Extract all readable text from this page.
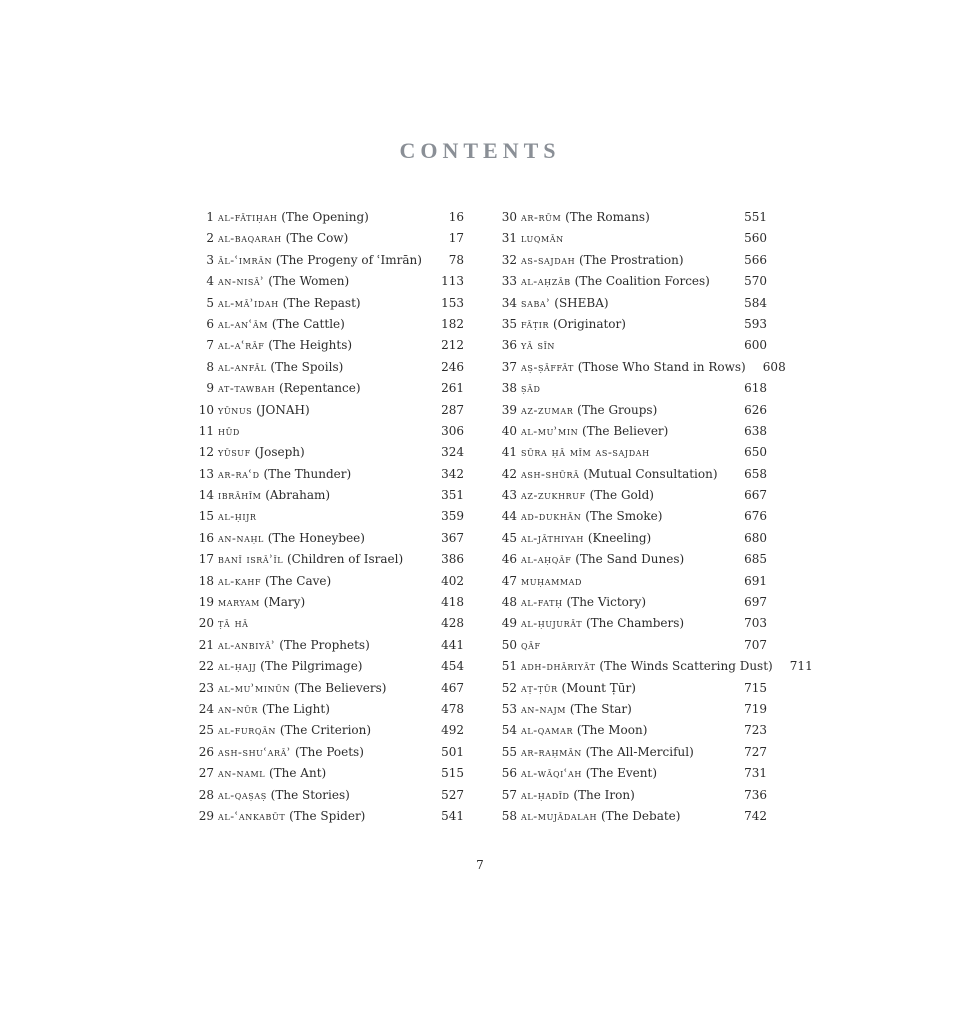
CONTENTS
1 al-fātiḥah (The Opening)	16
2 al-baqarah (The Cow)	17
3 āl-ʿimrān (The Progeny of ʿImrān)	78
4 an-nisāʾ (The Women)	113
5 al-māʾidah (The Repast)	153
6 al-anʿām (The Cattle)	182
7 al-aʿrāf (The Heights)	212
8 al-anfāl (The Spoils)	246
9 at-tawbah (Repentance)	261
10 yūnus (JONAH)	287
11 hūd	306
12 yūsuf (Joseph)	324
13 ar-raʿd (The Thunder)	342
14 ibrāhīm (Abraham)	351
15 al-ḥijr	359
16 an-naḥl (The Honeybee)	367
17 banī isrāʾīl (Children of Israel)	386
18 al-kahf (The Cave)	402
19 maryam (Mary)	418
20 ṭā hā	428
21 al-anbiyāʾ (The Prophets)	441
22 al-ḥajj (The Pilgrimage)	454
23 al-muʾminūn (The Believers)	467
24 an-nūr (The Light)	478
25 al-furqān (The Criterion)	492
26 ash-shuʿarāʾ (The Poets)	501
27 an-naml (The Ant)	515
28 al-qaṣaṣ (The Stories)	527
29 al-ʿankabūt (The Spider)	541
30 ar-rūm (The Romans)	551
31 luqmān	560
32 as-sajdah (The Prostration)	566
33 al-aḥzāb (The Coalition Forces)	570
34 sabaʾ (SHEBA)	584
35 fāṭir (Originator)	593
36 yā sīn	600
37 aṣ-ṣāffāt (Those Who Stand in Rows)	608
38 ṣād	618
39 az-zumar (The Groups)	626
40 al-muʾmin (The Believer)	638
41 sūra ḥā mīm as-sajdah	650
42 ash-shūrā (Mutual Consultation)	658
43 az-zukhruf (The Gold)	667
44 ad-dukhān (The Smoke)	676
45 al-jāthiyah (Kneeling)	680
46 al-aḥqāf (The Sand Dunes)	685
47 muḥammad	691
48 al-fatḥ (The Victory)	697
49 al-ḥujurāt (The Chambers)	703
50 qāf	707
51 adh-dhāriyāt (The Winds Scattering Dust)	711
52 aṭ-ṭūr (Mount Ṭūr)	715
53 an-najm (The Star)	719
54 al-qamar (The Moon)	723
55 ar-raḥmān (The All-Merciful)	727
56 al-wāqiʿah (The Event)	731
57 al-ḥadīd (The Iron)	736
58 al-mujādalah (The Debate)	742
7
